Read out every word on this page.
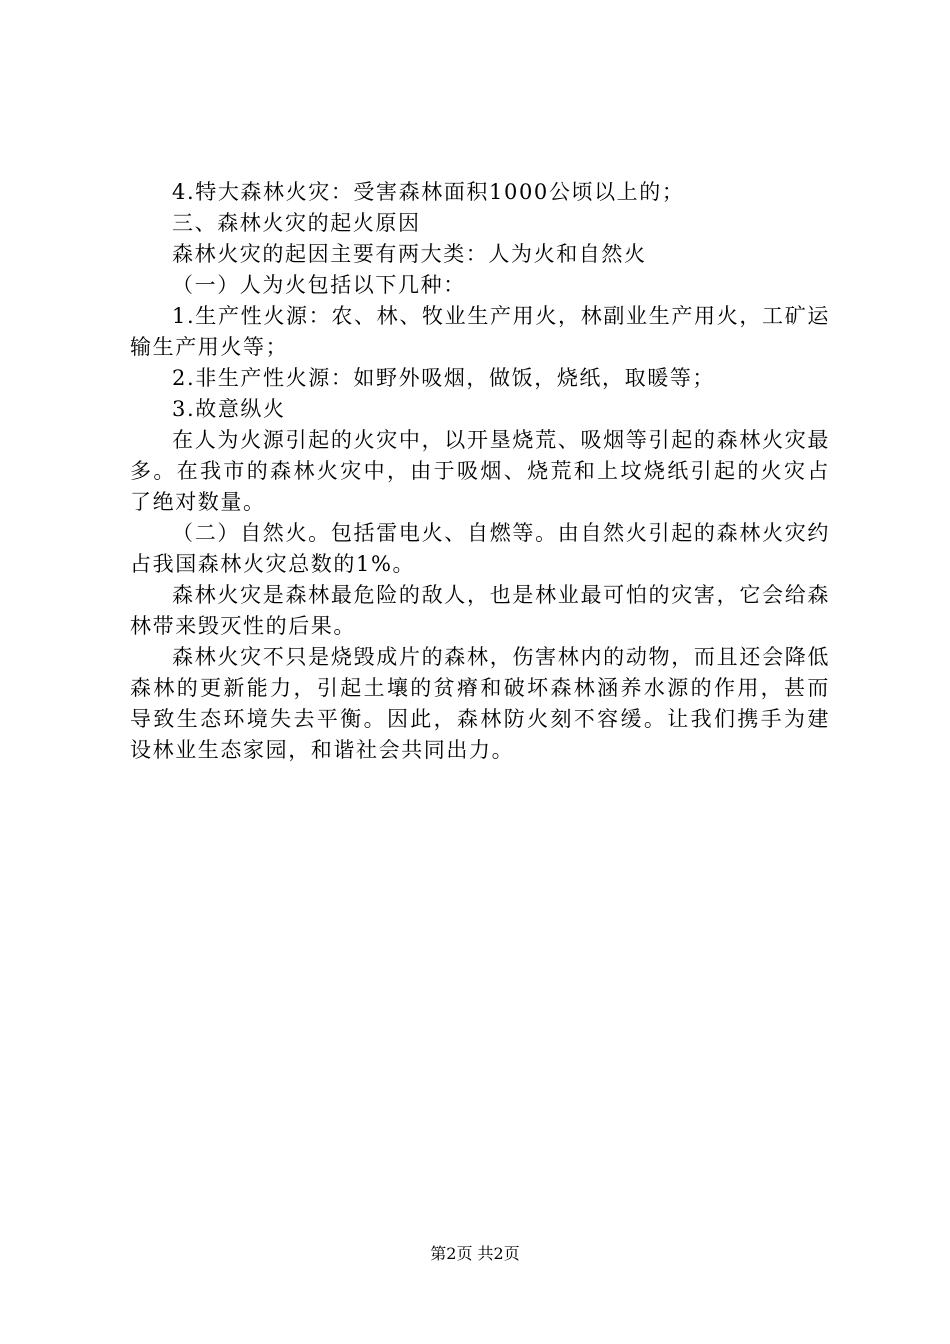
4.特大森林火灾：受害森林面积1000公顷以上的；

三、森林火灾的起火原因

森林火灾的起因主要有两大类：人为火和自然火

（一）人为火包括以下几种：

1.生产性火源：农、林、牧业生产用火，林副业生产用火，工矿运输生产用火等；

2.非生产性火源：如野外吸烟，做饭，烧纸，取暖等；

3.故意纵火

在人为火源引起的火灾中，以开垦烧荒、吸烟等引起的森林火灾最多。在我市的森林火灾中，由于吸烟、烧荒和上坟烧纸引起的火灾占了绝对数量。

（二）自然火。包括雷电火、自燃等。由自然火引起的森林火灾约占我国森林火灾总数的1%。

森林火灾是森林最危险的敌人，也是林业最可怕的灾害，它会给森林带来毁灭性的后果。

森林火灾不只是烧毁成片的森林，伤害林内的动物，而且还会降低森林的更新能力，引起土壤的贫瘠和破坏森林涵养水源的作用，甚而导致生态环境失去平衡。因此，森林防火刻不容缓。让我们携手为建设林业生态家园，和谐社会共同出力。

第2页 共2页
